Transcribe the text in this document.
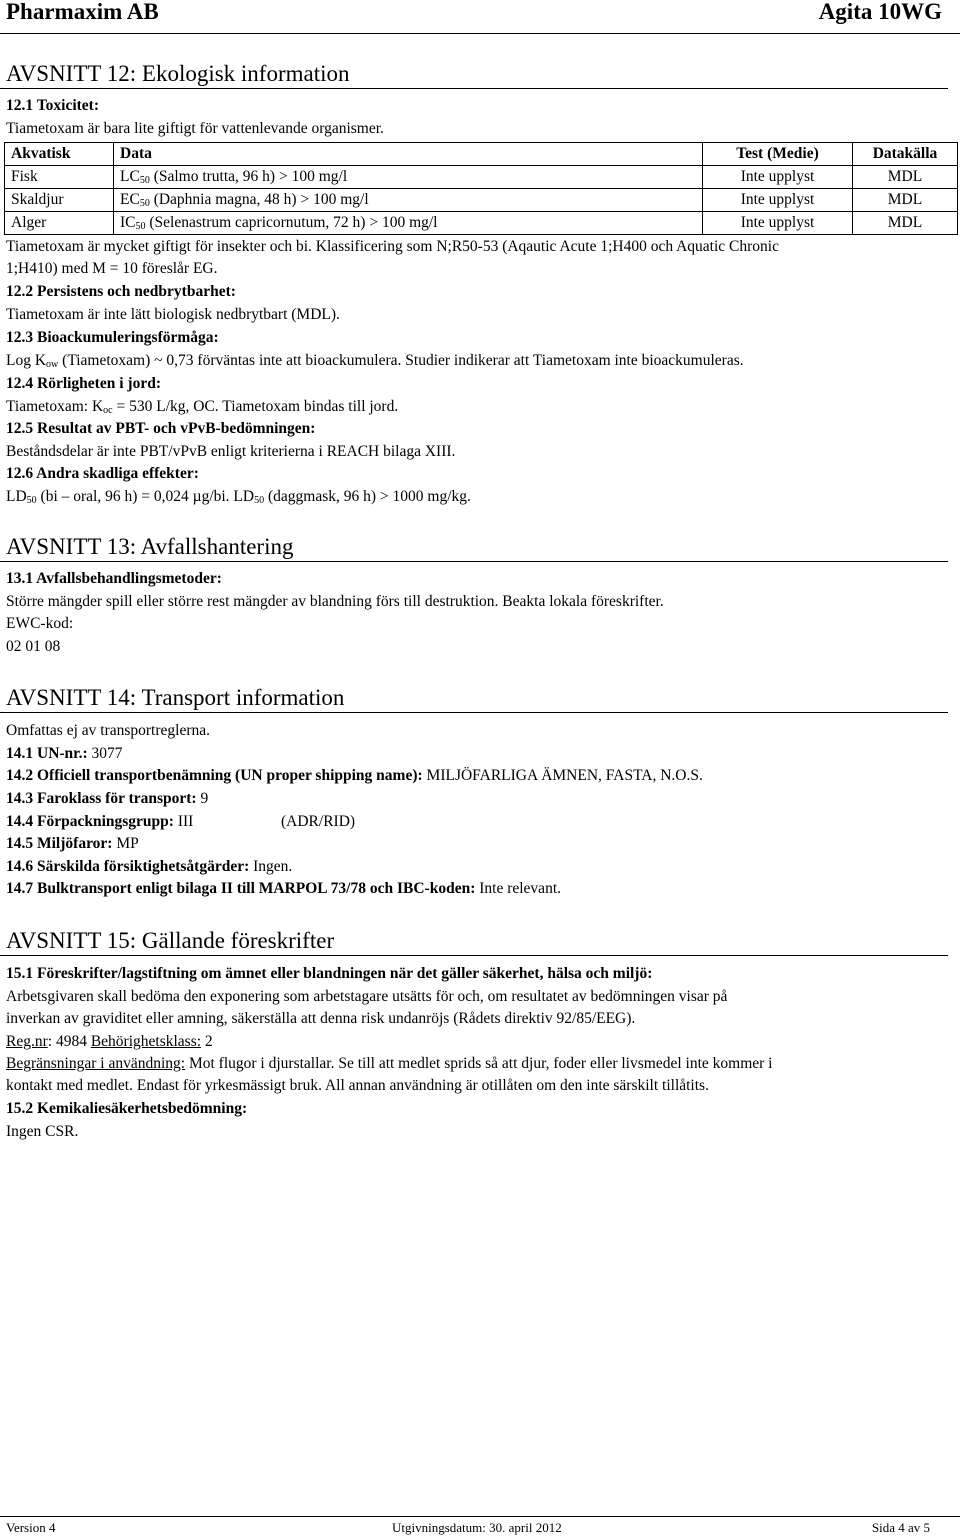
Pharmaxim AB	Agita 10WG
AVSNITT 12: Ekologisk information
12.1 Toxicitet:
Tiametoxam är bara lite giftigt för vattenlevande organismer.
Akvatisk	Data	Test (Medie)	Datakälla
Fisk	$LC_{50}$ (Salmo trutta, 96 h) > 100 mg/l	Inte upplyst	MDL
Skaldjur	$EC_{50}$ (Daphnia magna, 48 h) > 100 mg/l	Inte upplyst	MDL
Alger	$IC_{50}$ (Selenastrum capricornutum, 72 h) > 100 mg/l	Inte upplyst	MDL
Tiametoxam är mycket giftigt för insekter och bi. Klassificering som N;R50-53 (Aqautic Acute 1;H400 och Aquatic Chronic
1;H410) med M = 10 föreslår EG.
12.2 Persistens och nedbrytbarhet:
Tiametoxam är inte lätt biologisk nedbrytbart (MDL).
12.3 Bioackumuleringsförmåga:
Log $K_{ow}$ (Tiametoxam) ~ 0,73 förväntas inte att bioackumulera. Studier indikerar att Tiametoxam inte bioackumuleras.
12.4 Rörligheten i jord:
Tiametoxam: $K_{oc} = 530$ L/kg, OC. Tiametoxam bindas till jord.
12.5 Resultat av PBT- och vPvB-bedömningen:
Beståndsdelar är inte PBT/vPvB enligt kriterierna i REACH bilaga XIII.
12.6 Andra skadliga effekter:
$LD_{50}$ (bi – oral, 96 h) = 0,024 µg/bi. $LD_{50}$ (daggmask, 96 h) > 1000 mg/kg.
AVSNITT 13: Avfallshantering
13.1 Avfallsbehandlingsmetoder:
Större mängder spill eller större rest mängder av blandning förs till destruktion. Beakta lokala föreskrifter.
EWC-kod:
02 01 08
AVSNITT 14: Transport information
Omfattas ej av transportreglerna.
14.1 UN-nr.: 3077
14.2 Officiell transportbenämning (UN proper shipping name): MILJÖFARLIGA ÄMNEN, FASTA, N.O.S.
14.3 Faroklass för transport: 9
14.4 Förpackningsgrupp: III	(ADR/RID)
14.5 Miljöfaror: MP
14.6 Särskilda försiktighetsåtgärder: Ingen.
14.7 Bulktransport enligt bilaga II till MARPOL 73/78 och IBC-koden: Inte relevant.
AVSNITT 15: Gällande föreskrifter
15.1 Föreskrifter/lagstiftning om ämnet eller blandningen när det gäller säkerhet, hälsa och miljö:
Arbetsgivaren skall bedöma den exponering som arbetstagare utsätts för och, om resultatet av bedömningen visar på
inverkan av graviditet eller amning, säkerställa att denna risk undanröjs (Rådets direktiv 92/85/EEG).
Reg.nr: 4984 Behörighetsklass: 2
Begränsningar i användning: Mot flugor i djurstallar. Se till att medlet sprids så att djur, foder eller livsmedel inte kommer i
kontakt med medlet. Endast för yrkesmässigt bruk. All annan användning är otillåten om den inte särskilt tillåtits.
15.2 Kemikaliesäkerhetsbedömning:
Ingen CSR.
Version 4	Utgivningsdatum: 30. april 2012	Sida 4 av 5
